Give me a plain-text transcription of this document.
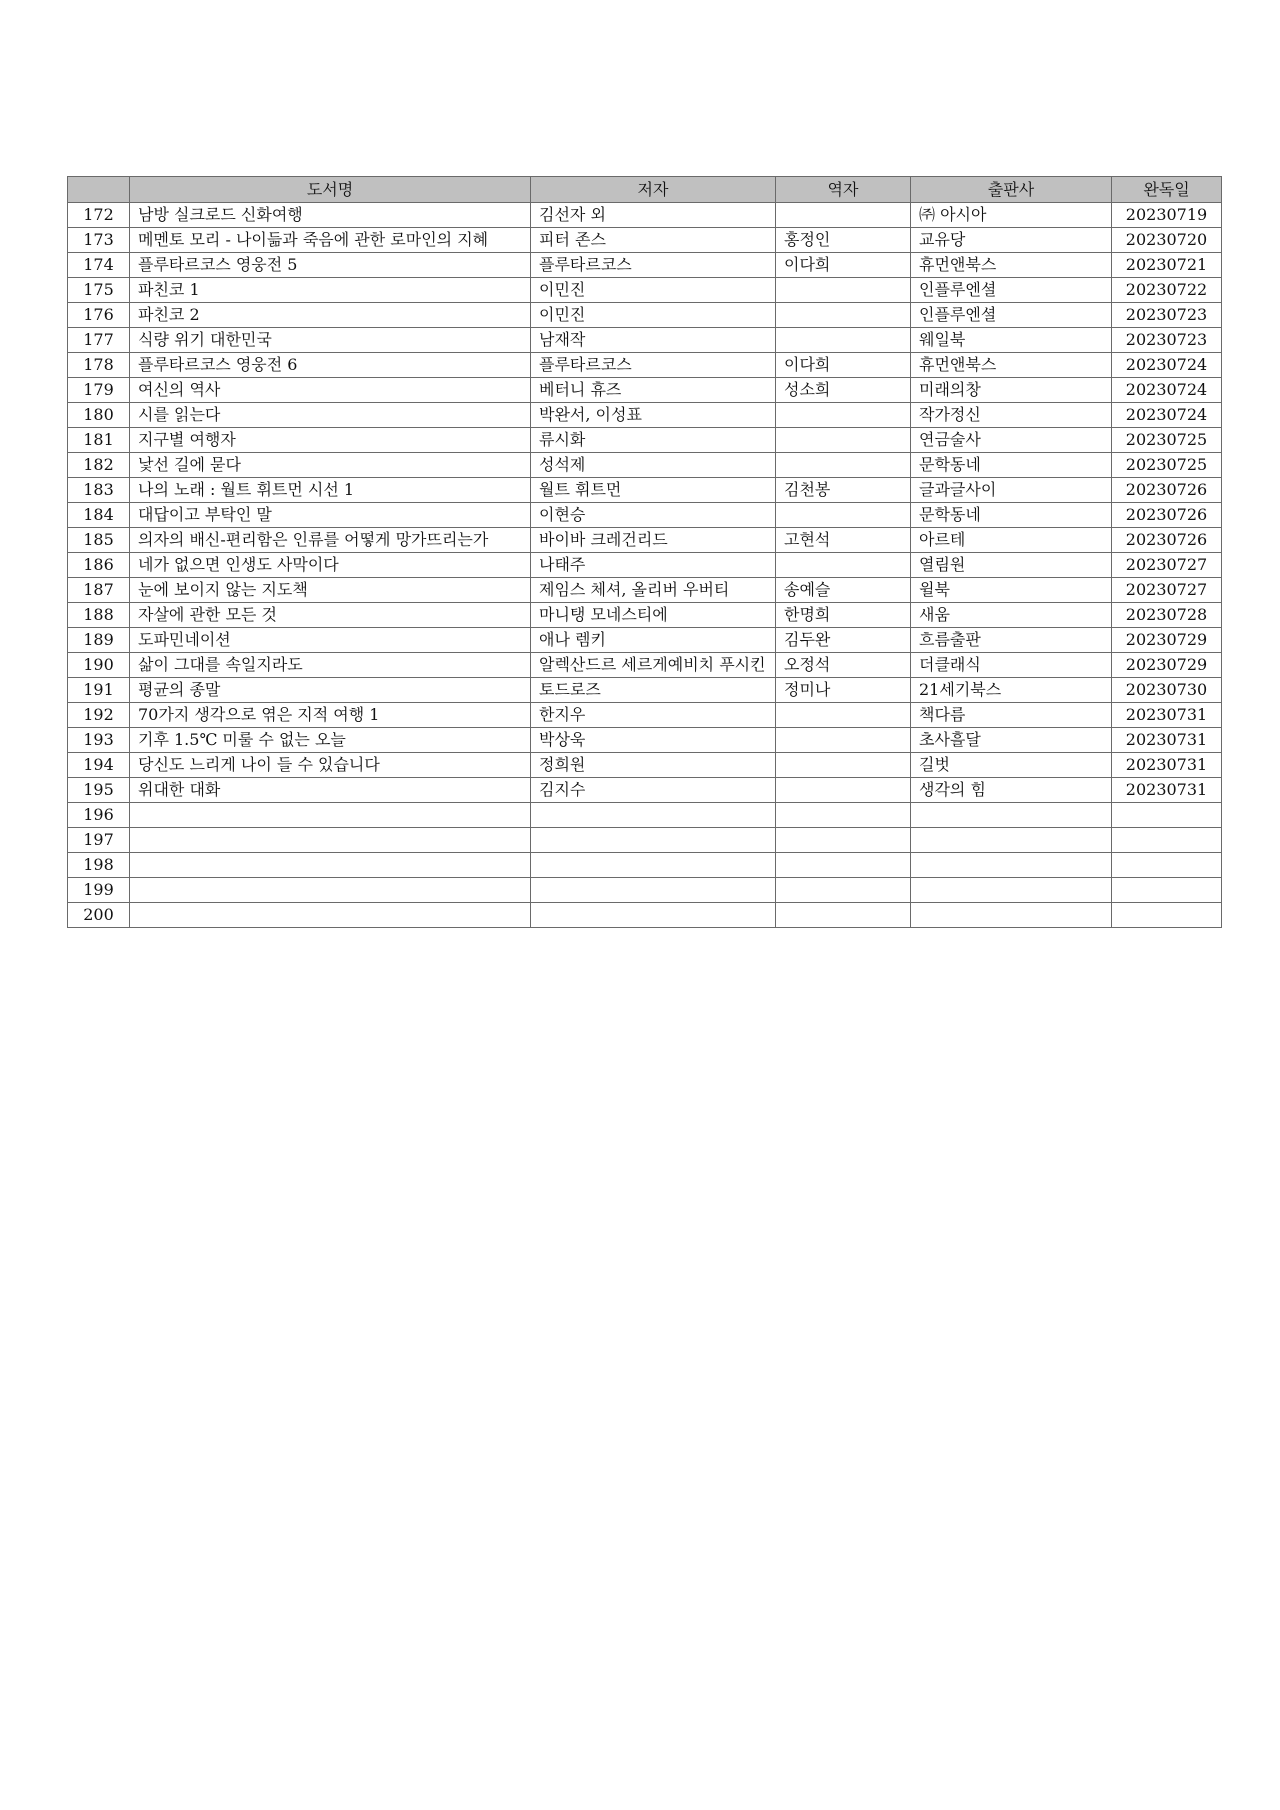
	도서명	저자	역자	출판사	완독일
172	남방 실크로드 신화여행	김선자 외		㈜ 아시아	20230719
173	메멘토 모리 - 나이듦과 죽음에 관한 로마인의 지혜	피터 존스	홍정인	교유당	20230720
174	플루타르코스 영웅전 5	플루타르코스	이다희	휴먼앤북스	20230721
175	파친코 1	이민진		인플루엔셜	20230722
176	파친코 2	이민진		인플루엔셜	20230723
177	식량 위기 대한민국	남재작		웨일북	20230723
178	플루타르코스 영웅전 6	플루타르코스	이다희	휴먼앤북스	20230724
179	여신의 역사	베터니 휴즈	성소희	미래의창	20230724
180	시를 읽는다	박완서, 이성표		작가정신	20230724
181	지구별 여행자	류시화		연금술사	20230725
182	낯선 길에 묻다	성석제		문학동네	20230725
183	나의 노래 : 월트 휘트먼 시선 1	월트 휘트먼	김천봉	글과글사이	20230726
184	대답이고 부탁인 말	이현승		문학동네	20230726
185	의자의 배신-편리함은 인류를 어떻게 망가뜨리는가	바이바 크레건리드	고현석	아르테	20230726
186	네가 없으면 인생도 사막이다	나태주		열림원	20230727
187	눈에 보이지 않는 지도책	제임스 체셔, 올리버 우버티	송예슬	윌북	20230727
188	자살에 관한 모든 것	마니탱 모네스티에	한명희	새움	20230728
189	도파민네이션	애나 렘키	김두완	흐름출판	20230729
190	삶이 그대를 속일지라도	알렉산드르 세르게예비치 푸시킨	오정석	더클래식	20230729
191	평균의 종말	토드로즈	정미나	21세기북스	20230730
192	70가지 생각으로 엮은 지적 여행 1	한지우		책다름	20230731
193	기후 1.5℃ 미룰 수 없는 오늘	박상욱		초사흘달	20230731
194	당신도 느리게 나이 들 수 있습니다	정희원		길벗	20230731
195	위대한 대화	김지수		생각의 힘	20230731
196					
197					
198					
199					
200					
